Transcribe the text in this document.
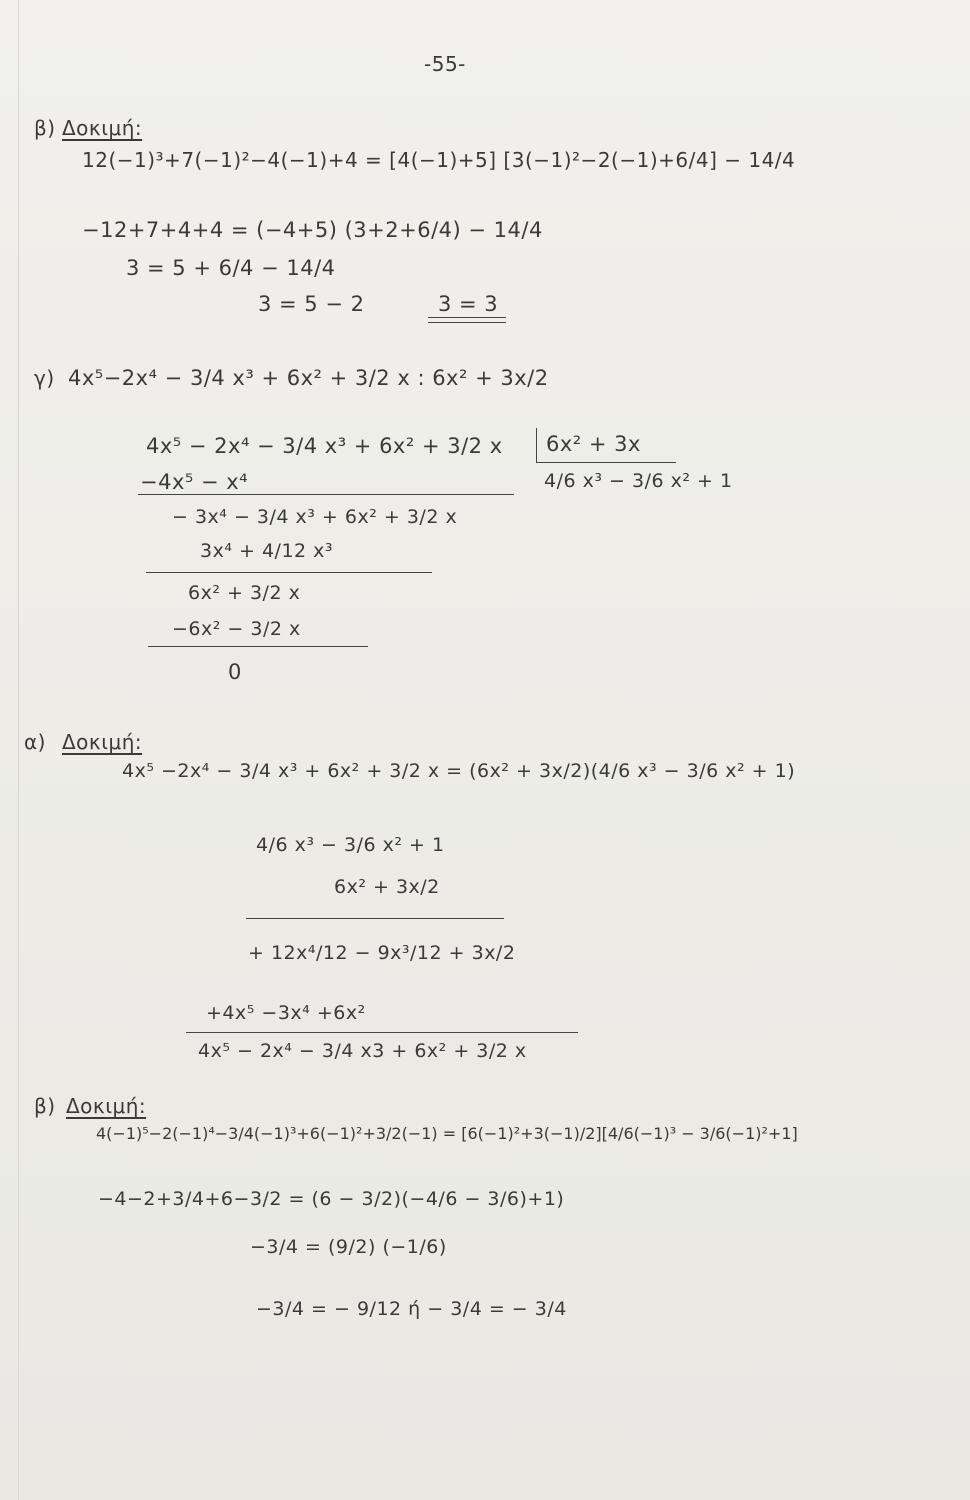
-55-
β) Δοκιμή:
12(−1)³+7(−1)²−4(−1)+4 = [4(−1)+5] [3(−1)²−2(−1)+6/4] − 14/4
−12+7+4+4 = (−4+5) (3+2+6/4) − 14/4
3 = 5 + 6/4 − 14/4
3 = 5 − 2	3 = 3
γ) 4x⁵−2x⁴ − 3/4 x³ + 6x² + 3/2 x : 6x² + 3x/2
4x⁵ − 2x⁴ − 3/4 x³ + 6x² + 3/2 x 6x² + 3x
4/6 x³ − 3/6 x² + 1
−4x⁵ − x⁴
− 3x⁴ − 3/4 x³ + 6x² + 3/2 x
3x⁴ + 4/12 x³
6x² + 3/2 x
−6x² − 3/2 x
0
α) Δοκιμή:
4x⁵ −2x⁴ − 3/4 x³ + 6x² + 3/2 x = (6x² + 3x/2)(4/6 x³ − 3/6 x² + 1)
4/6 x³ − 3/6 x² + 1
6x² + 3x/2
+ 12x⁴/12 − 9x³/12 + 3x/2
+4x⁵ −3x⁴ +6x²
4x⁵ − 2x⁴ − 3/4 x3 + 6x² + 3/2 x
β) Δοκιμή:
4(−1)⁵−2(−1)⁴−3/4(−1)³+6(−1)²+3/2(−1) = [6(−1)²+3(−1)/2][4/6(−1)³ − 3/6(−1)²+1]
−4−2+3/4+6−3/2 = (6 − 3/2)(−4/6 − 3/6)+1)
−3/4 = (9/2) (−1/6)
−3/4 = − 9/12 ή − 3/4 = − 3/4
